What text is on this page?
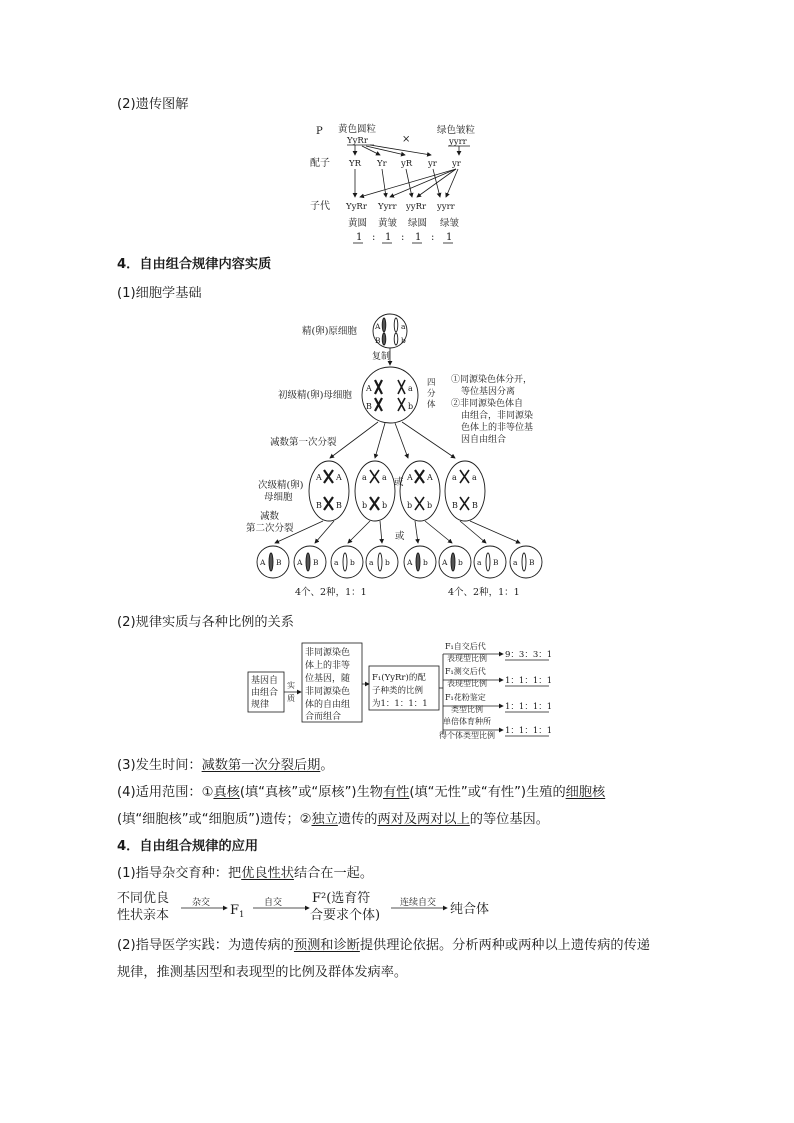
(2)遗传图解
P 黄色圆粒
YyRr	×
绿色皱粒
yyrr
配子 YR Yr yR yr yr
子代 YyRr Yyrr yyRr yyrr
黄圆 黄皱 绿圆 绿皱
1 : 1 : 1 : 1
4．自由组合规律内容实质
(1)细胞学基础
A	a
B	b
精(卵)原细胞
复制
A	a
B	b
初级精(卵)母细胞
四
分
体
①同源染色体分开，
等位基因分离
②非同源染色体自
由组合，非同源染
色体上的非等位基
因自由组合
减数第一次分裂
A A
B B
a a
b b
或 A A
b b
a a
B B
次级精(卵)
母细胞
减数
第二次分裂
或
A B A B a b a b A b A b a B a B
4个、2种，1：1	4个、2种，1：1
(2)规律实质与各种比例的关系
基因自
由组合
规律
实
质
非同源染色
体上的非等
位基因，随
非同源染色
体的自由组
合而组合
F₁(YyRr)的配
子种类的比例
为1：1：1：1
F₁自交后代
表现型比例 9：3：3：1
F₁测交后代
表现型比例 1：1：1：1
F₁花粉鉴定
类型比例	1：1：1：1
单倍体育种所
得个体类型比例 1：1：1：1
(3)发生时间：减数第一次分裂后期。
(4)适用范围：①真核(填“真核”或“原核”)生物有性(填“无性”或“有性”)生殖的细胞核
(填“细胞核”或“细胞质”)遗传；②独立遗传的两对及两对以上的等位基因。
4．自由组合规律的应用
(1)指导杂交育种：把优良性状结合在一起。
不同优良
性状亲本
杂交 F 1
自交 F²(选育符
合要求个体)
连续自交 纯合体
(2)指导医学实践：为遗传病的预测和诊断提供理论依据。分析两种或两种以上遗传病的传递
规律，推测基因型和表现型的比例及群体发病率。
